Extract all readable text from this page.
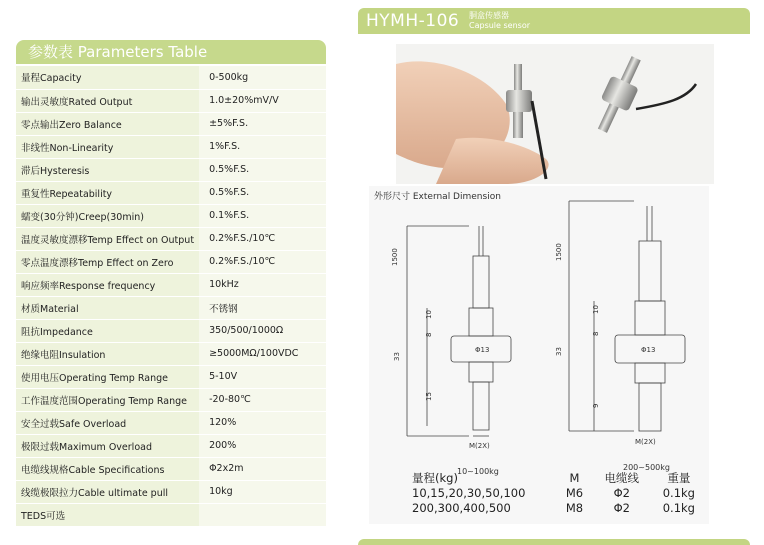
参数表 Parameters Table
量程Capacity	0-500kg
输出灵敏度Rated Output	1.0±20%mV/V
零点输出Zero Balance	±5%F.S.
非线性Non-Linearity	1%F.S.
滞后Hysteresis	0.5%F.S.
重复性Repeatability	0.5%F.S.
蠕变(30分钟)Creep(30min)	0.1%F.S.
温度灵敏度漂移Temp Effect on Output	0.2%F.S./10℃
零点温度漂移Temp Effect on Zero	0.2%F.S./10℃
响应频率Response frequency	10kHz
材质Material	不锈钢
阻抗Impedance	350/500/1000Ω
绝缘电阻Insulation	≥5000MΩ/100VDC
使用电压Operating Temp Range	5-10V
工作温度范围Operating Temp Range	-20-80℃
安全过载Safe Overload	120%
极限过载Maximum Overload	200%
电缆线规格Cable Specifications	Φ2x2m
线缆极限拉力Cable ultimate pull	10kg
TEDS可选	
HYMH-106 胴盒传感器
Capsule sensor
1500
33
10
8
15
Φ13
M(2X)
10~100kg
1500
33
10
8
9
Φ13
M(2X)
200~500kg
外形尺寸 External Dimension
量程(kg)	M	电缆线	重量
10,15,20,30,50,100	M6	Φ2	0.1kg
200,300,400,500	M8	Φ2	0.1kg
